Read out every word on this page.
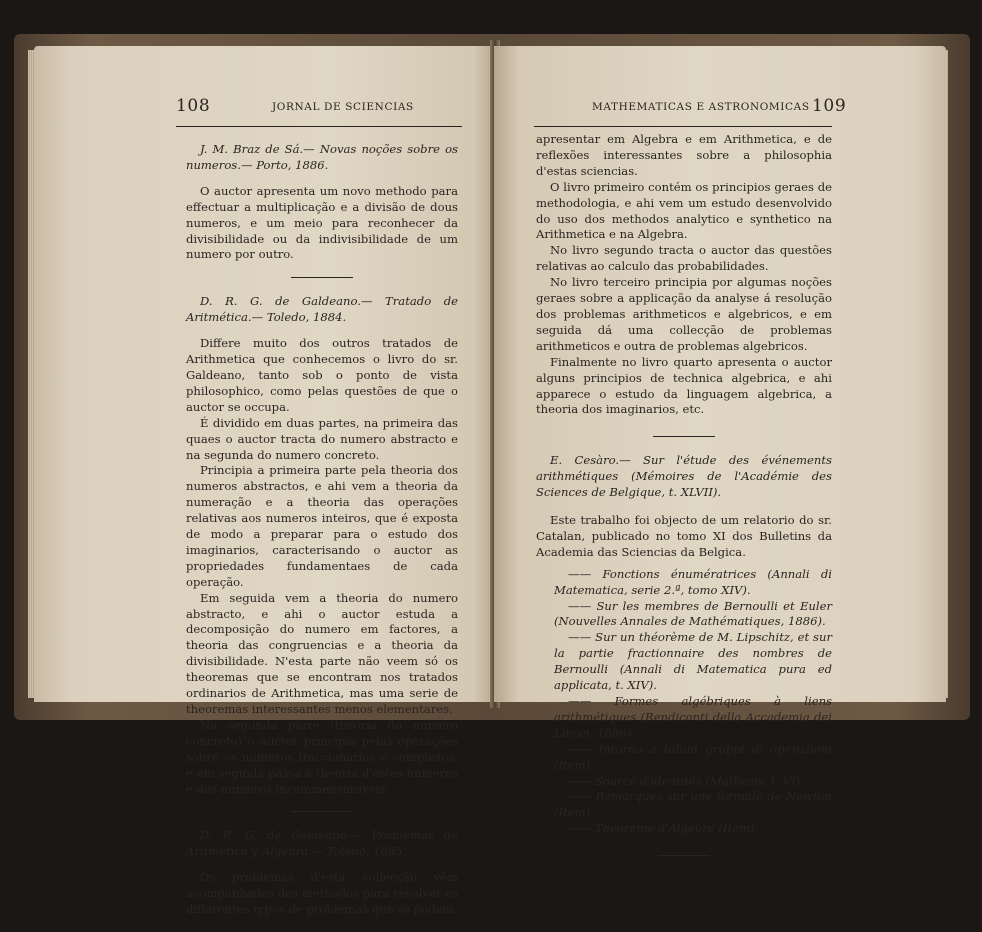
108	JORNAL DE SCIENCIAS

J. M. Braz de Sá.— Novas noções sobre os numeros.— Porto, 1886.

O auctor apresenta um novo methodo para effectuar a multiplicação e a divisão de dous numeros, e um meio para reconhecer da divisibilidade ou da indivisibilidade de um numero por outro.

D. R. G. de Galdeano.— Tratado de Aritmética.— Toledo, 1884.

Differe muito dos outros tratados de Arithmetica que conhecemos o livro do sr. Galdeano, tanto sob o ponto de vista philosophico, como pelas questões de que o auctor se occupa.

É dividido em duas partes, na primeira das quaes o auctor tracta do numero abstracto e na segunda do numero concreto.

Principia a primeira parte pela theoria dos numeros abstractos, e ahi vem a theoria da numeração e a theoria das operações relativas aos numeros inteiros, que é exposta de modo a preparar para o estudo dos imaginarios, caracterisando o auctor as propriedades fundamentaes de cada operação.

Em seguida vem a theoria do numero abstracto, e ahi o auctor estuda a decomposição do numero em factores, a theoria das congruencias e a theoria da divisibilidade. N'esta parte não veem só os theoremas que se encontram nos tratados ordinarios de Arithmetica, mas uma serie de theoremas interessantes menos elementares.

Na segunda parte (theoria do numero concreto) o auctor principia pelas operações sobre os numeros fraccionarios e complexos, e em seguida passa á theoria d'estes numeros e dos numeros incommensuraveis.

D. R. G. de Galdeano.— Problemas de Aritmética y Algebra.— Toledo, 1885.

Os problemas d'esta collecção vêm acompanhados dos methodos para resolver os differentes typos de problemas que se podem

MATHEMATICAS E ASTRONOMICAS 109

apresentar em Algebra e em Arithmetica, e de reflexões interessantes sobre a philosophia d'estas sciencias.

O livro primeiro contém os principios geraes de methodologia, e ahi vem um estudo desenvolvido do uso dos methodos analytico e synthetico na Arithmetica e na Algebra.

No livro segundo tracta o auctor das questões relativas ao calculo das probabilidades.

No livro terceiro principia por algumas noções geraes sobre a applicação da analyse á resolução dos problemas arithmeticos e algebricos, e em seguida dá uma collecção de problemas arithmeticos e outra de problemas algebricos.

Finalmente no livro quarto apresenta o auctor alguns principios de technica algebrica, e ahi apparece o estudo da linguagem algebrica, a theoria dos imaginarios, etc.

E. Cesàro.— Sur l'étude des événements arithmétiques (Mémoires de l'Académie des Sciences de Belgique, t. XLVII).

Este trabalho foi objecto de um relatorio do sr. Catalan, publicado no tomo XI dos Bulletins da Academia das Sciencias da Belgica.

—— Fonctions énumératrices (Annali di Matematica, serie 2.ª, tomo XIV).

—— Sur les membres de Bernoulli et Euler (Nouvelles Annales de Mathématiques, 1886).

—— Sur un théorème de M. Lipschitz, et sur la partie fractionnaire des nombres de Bernoulli (Annali di Matematica pura ed applicata, t. XIV).

—— Formes algébriques à liens arithmétiques (Rendiconti della Accademia dei Lincei, 1886).

—— Intorno a taluni gruppi di operazioni (Item).

—— Source d'identités (Mathesis, t. VI).

—— Remarques sur une formule de Newton (Item).

—— Théorème d'Algèbre (Item).
